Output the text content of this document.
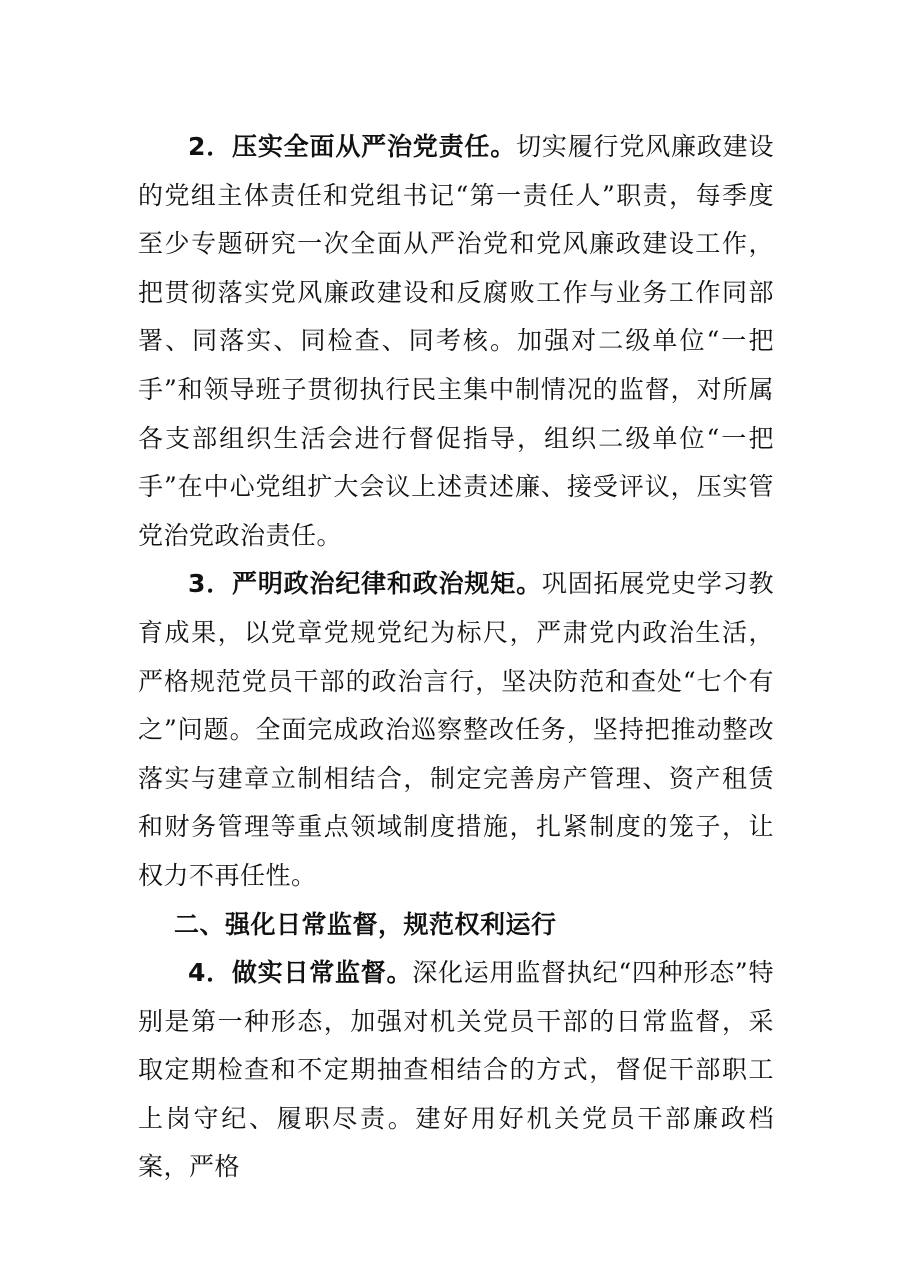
2．压实全面从严治党责任。切实履行党风廉政建设的党组主体责任和党组书记“第一责任人”职责，每季度至少专题研究一次全面从严治党和党风廉政建设工作，把贯彻落实党风廉政建设和反腐败工作与业务工作同部署、同落实、同检查、同考核。加强对二级单位“一把手”和领导班子贯彻执行民主集中制情况的监督，对所属各支部组织生活会进行督促指导，组织二级单位“一把手”在中心党组扩大会议上述责述廉、接受评议，压实管党治党政治责任。

3．严明政治纪律和政治规矩。巩固拓展党史学习教育成果，以党章党规党纪为标尺，严肃党内政治生活，严格规范党员干部的政治言行，坚决防范和查处“七个有之”问题。全面完成政治巡察整改任务，坚持把推动整改落实与建章立制相结合，制定完善房产管理、资产租赁和财务管理等重点领域制度措施，扎紧制度的笼子，让权力不再任性。

二、强化日常监督，规范权利运行

4．做实日常监督。深化运用监督执纪“四种形态”特别是第一种形态，加强对机关党员干部的日常监督，采取定期检查和不定期抽查相结合的方式，督促干部职工上岗守纪、履职尽责。建好用好机关党员干部廉政档案，严格
